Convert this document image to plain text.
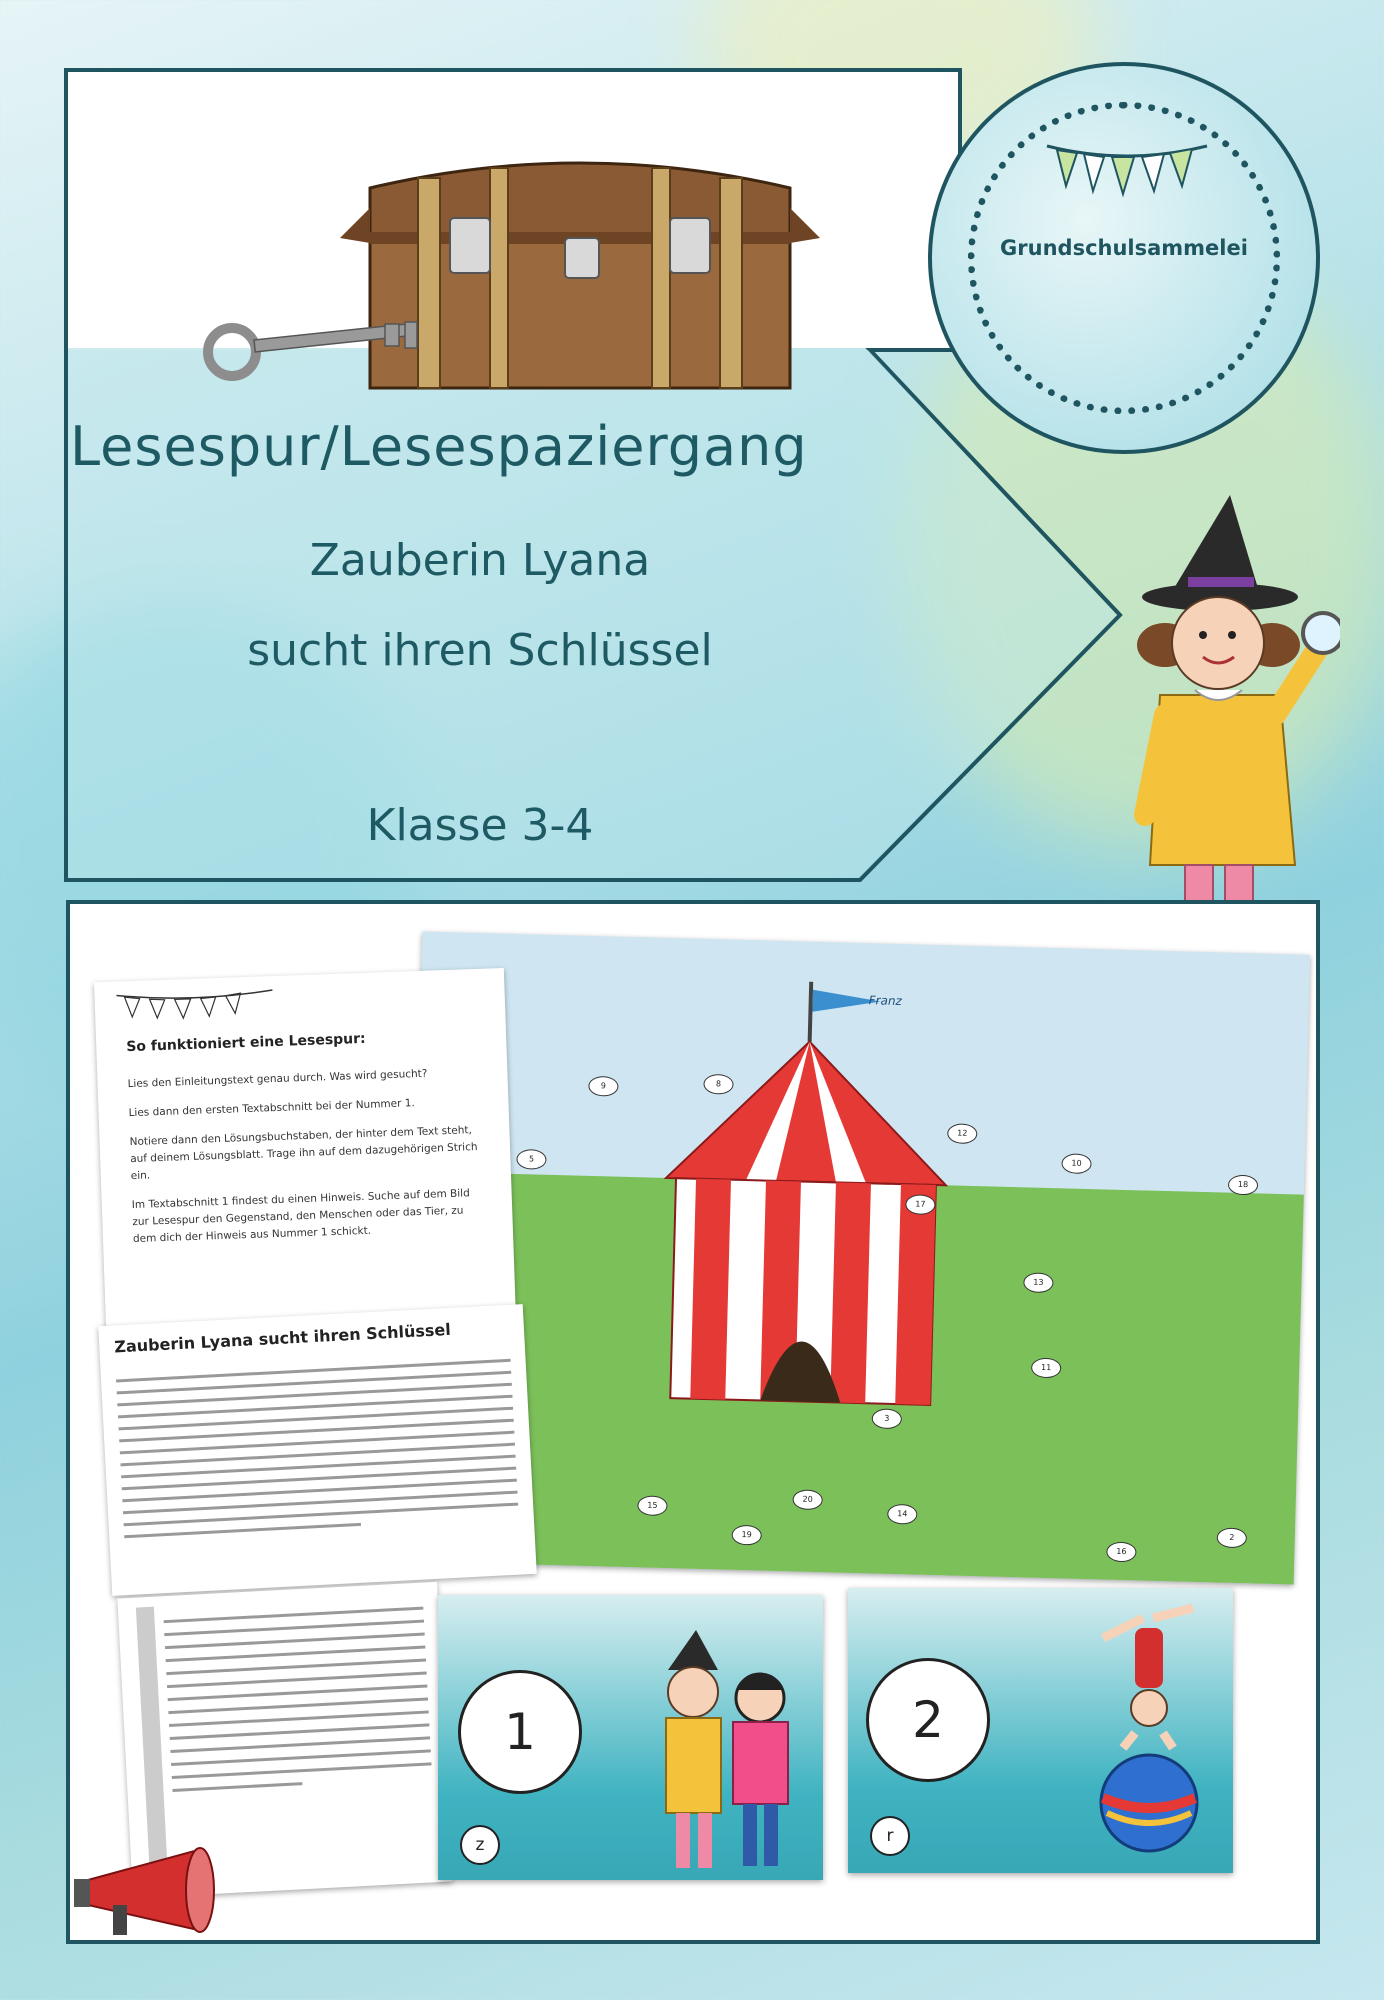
Grundschulsammelei
Lesespur/Lesespaziergang
Zauberin Lyana
sucht ihren Schlüssel
Klasse 3-4
Franz
9	8
5
12
10
18
17
13
11
3
15
19
20
14
2
16
So funktioniert eine Lesespur:
Lies den Einleitungstext genau durch. Was wird gesucht?
Lies dann den ersten Textabschnitt bei der Nummer 1.
Notiere dann den Lösungsbuchstaben, der hinter dem Text steht, auf deinem Lösungsblatt. Trage ihn auf dem dazugehörigen Strich ein.
Im Textabschnitt 1 findest du einen Hinweis. Suche auf dem Bild zur Lesespur den Gegenstand, den Menschen oder das Tier, zu dem dich der Hinweis aus Nummer 1 schickt.
Zauberin Lyana sucht ihren Schlüssel
1
z
2
r
